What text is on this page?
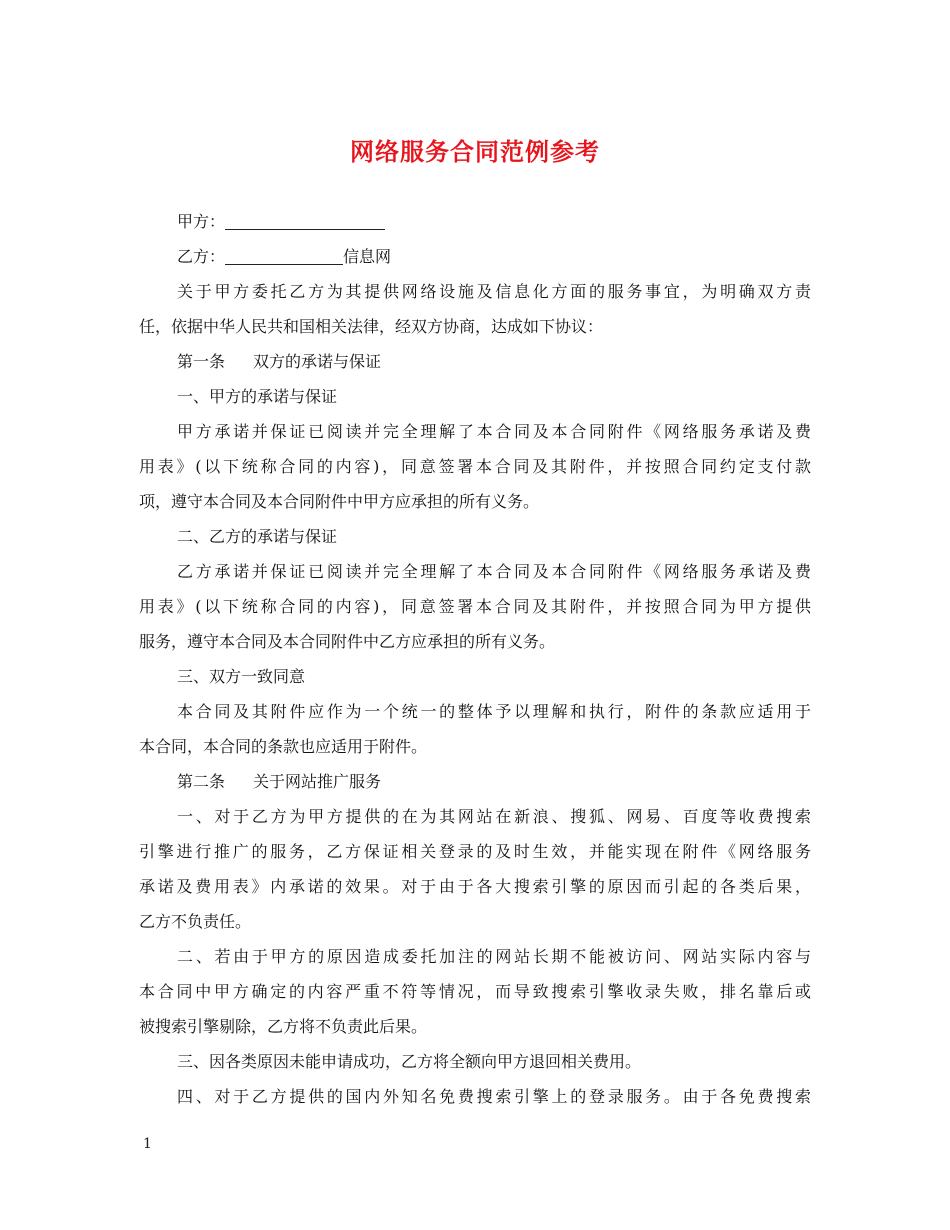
网络服务合同范例参考
甲方：
乙方：	信息网
关于甲方委托乙方为其提供网络设施及信息化方面的服务事宜，为明确双方责
任，依据中华人民共和国相关法律，经双方协商，达成如下协议：
第一条 双方的承诺与保证
一、甲方的承诺与保证
甲方承诺并保证已阅读并完全理解了本合同及本合同附件《网络服务承诺及费
用表》(以下统称合同的内容)，同意签署本合同及其附件，并按照合同约定支付款
项，遵守本合同及本合同附件中甲方应承担的所有义务。
二、乙方的承诺与保证
乙方承诺并保证已阅读并完全理解了本合同及本合同附件《网络服务承诺及费
用表》(以下统称合同的内容)，同意签署本合同及其附件，并按照合同为甲方提供
服务，遵守本合同及本合同附件中乙方应承担的所有义务。
三、双方一致同意
本合同及其附件应作为一个统一的整体予以理解和执行，附件的条款应适用于
本合同，本合同的条款也应适用于附件。
第二条 关于网站推广服务
一、对于乙方为甲方提供的在为其网站在新浪、搜狐、网易、百度等收费搜索
引擎进行推广的服务，乙方保证相关登录的及时生效，并能实现在附件《网络服务
承诺及费用表》内承诺的效果。对于由于各大搜索引擎的原因而引起的各类后果，
乙方不负责任。
二、若由于甲方的原因造成委托加注的网站长期不能被访问、网站实际内容与
本合同中甲方确定的内容严重不符等情况，而导致搜索引擎收录失败，排名靠后或
被搜索引擎剔除，乙方将不负责此后果。
三、因各类原因未能申请成功，乙方将全额向甲方退回相关费用。
四、对于乙方提供的国内外知名免费搜索引擎上的登录服务。由于各免费搜索

1
